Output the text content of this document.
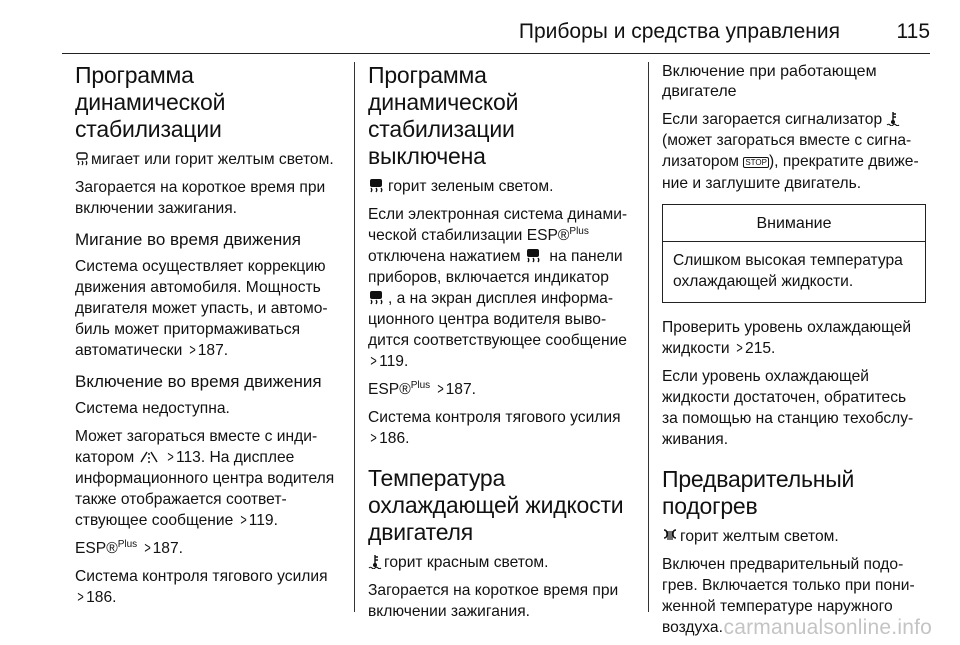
Приборы и средства управления	115
Программа динамической стабилизации

мигает или горит желтым светом.

Загорается на короткое время при включении зажигания.

Мигание во время движения

Система осуществляет коррекцию движения автомобиля. Мощность двигателя может упасть, и автомобиль может притормаживаться автоматически > 187.

Включение во время движения

Система недоступна.

Может загораться вместе с индикатором > 113. На дисплее информационного центра водителя также отображается соответствующее сообщение > 119.

ESP®$^{Plus}$ > 187.

Система контроля тягового усилия
> 186.

Программа динамической стабилизации выключена

горит зеленым светом.

Если электронная система динамической стабилизации ESP®$^{Plus}$ отключена нажатием на панели приборов, включается индикатор , а на экран дисплея информационного центра водителя выводится соответствующее сообщение > 119.

ESP®$^{Plus}$ > 187.

Система контроля тягового усилия
> 186.

Температура охлаждающей жидкости двигателя

горит красным светом.

Загорается на короткое время при включении зажигания.

Включение при работающем двигателе

Если загорается сигнализатор  (может загораться вместе с сигнализатором STOP ), прекратите движение и заглушите двигатель.

Внимание
Слишком высокая температура охлаждающей жидкости.

Проверить уровень охлаждающей жидкости > 215.

Если уровень охлаждающей жидкости достаточен, обратитесь за помощью на станцию техобслуживания.

Предварительный подогрев

горит желтым светом.

Включен предварительный подогрев. Включается только при пониженной температуре наружного воздуха. carmanualsonline.info
